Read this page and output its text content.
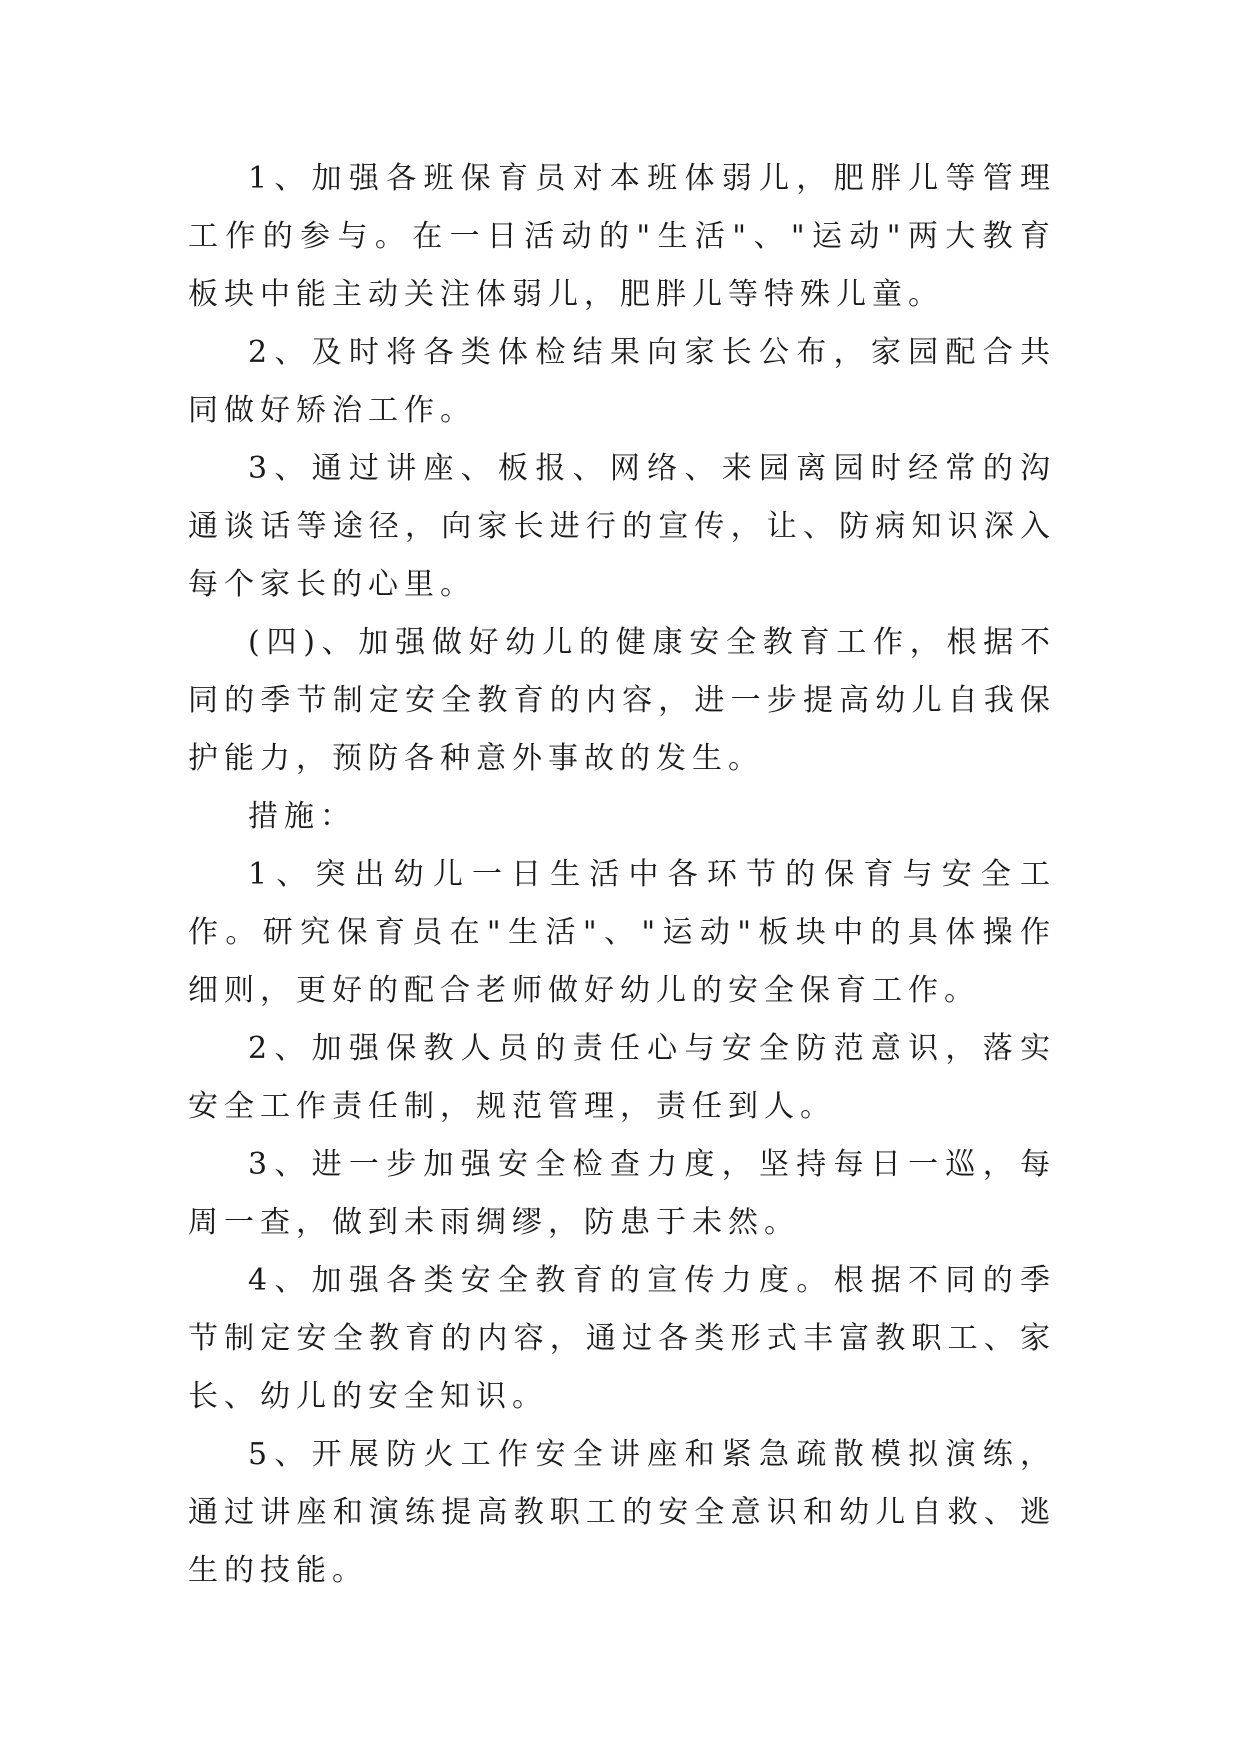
1、加强各班保育员对本班体弱儿，肥胖儿等管理工作的参与。在一日活动的"生活"、"运动"两大教育板块中能主动关注体弱儿，肥胖儿等特殊儿童。

2、及时将各类体检结果向家长公布，家园配合共同做好矫治工作。

3、通过讲座、板报、网络、来园离园时经常的沟通谈话等途径，向家长进行的宣传，让、防病知识深入每个家长的心里。

(四)、加强做好幼儿的健康安全教育工作，根据不同的季节制定安全教育的内容，进一步提高幼儿自我保护能力，预防各种意外事故的发生。

措施：

1、突出幼儿一日生活中各环节的保育与安全工作。研究保育员在"生活"、"运动"板块中的具体操作细则，更好的配合老师做好幼儿的安全保育工作。

2、加强保教人员的责任心与安全防范意识，落实安全工作责任制，规范管理，责任到人。

3、进一步加强安全检查力度，坚持每日一巡，每周一查，做到未雨绸缪，防患于未然。

4、加强各类安全教育的宣传力度。根据不同的季节制定安全教育的内容，通过各类形式丰富教职工、家长、幼儿的安全知识。

5、开展防火工作安全讲座和紧急疏散模拟演练，通过讲座和演练提高教职工的安全意识和幼儿自救、逃生的技能。
